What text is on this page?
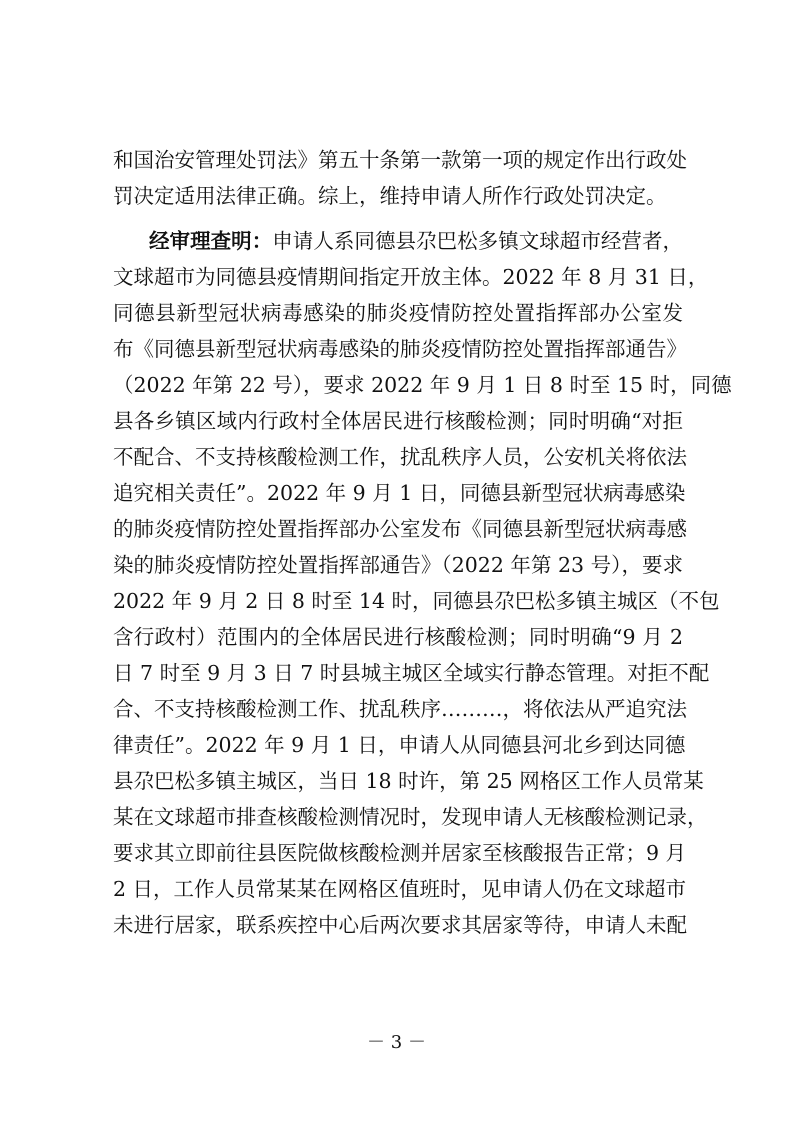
和国治安管理处罚法》第五十条第一款第一项的规定作出行政处
罚决定适用法律正确。综上，维持申请人所作行政处罚决定。
经审理查明：申请人系同德县尕巴松多镇文球超市经营者，
文球超市为同德县疫情期间指定开放主体。2022 年 8 月 31 日，
同德县新型冠状病毒感染的肺炎疫情防控处置指挥部办公室发
布《同德县新型冠状病毒感染的肺炎疫情防控处置指挥部通告》
（2022 年第 22 号），要求 2022 年 9 月 1 日 8 时至 15 时，同德
县各乡镇区域内行政村全体居民进行核酸检测；同时明确“对拒
不配合、不支持核酸检测工作，扰乱秩序人员，公安机关将依法
追究相关责任”。2022 年 9 月 1 日，同德县新型冠状病毒感染
的肺炎疫情防控处置指挥部办公室发布《同德县新型冠状病毒感
染的肺炎疫情防控处置指挥部通告》（2022 年第 23 号），要求
2022 年 9 月 2 日 8 时至 14 时，同德县尕巴松多镇主城区（不包
含行政村）范围内的全体居民进行核酸检测；同时明确“9 月 2
日 7 时至 9 月 3 日 7 时县城主城区全域实行静态管理。对拒不配
合、不支持核酸检测工作、扰乱秩序………，将依法从严追究法
律责任”。2022 年 9 月 1 日，申请人从同德县河北乡到达同德
县尕巴松多镇主城区，当日 18 时许，第 25 网格区工作人员常某
某在文球超市排查核酸检测情况时，发现申请人无核酸检测记录，
要求其立即前往县医院做核酸检测并居家至核酸报告正常；9 月
2 日，工作人员常某某在网格区值班时，见申请人仍在文球超市
未进行居家，联系疾控中心后两次要求其居家等待，申请人未配
－ 3 －
